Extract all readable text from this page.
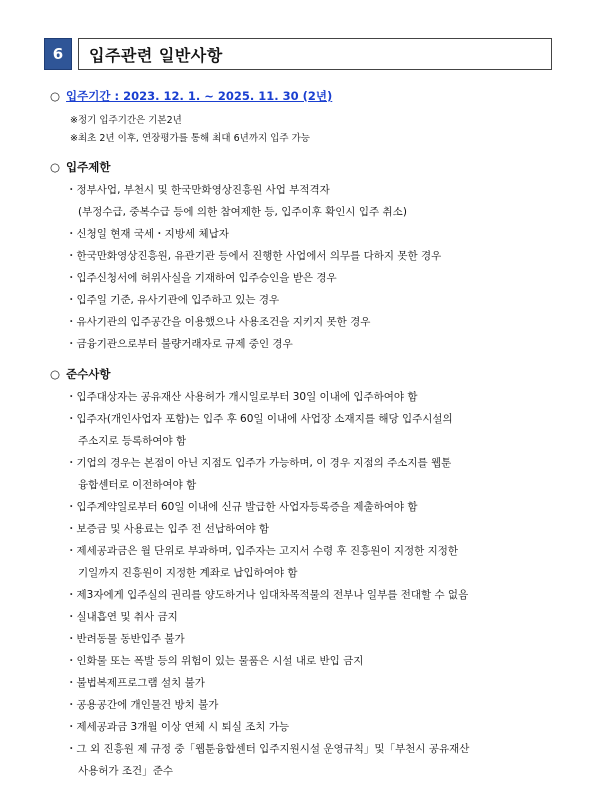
6	입주관련 일반사항
○ 입주기간 : 2023. 12. 1. ~ 2025. 11. 30 (2년)
※정기 입주기간은 기본2년
※최초 2년 이후, 연장평가를 통해 최대 6년까지 입주 가능
○ 입주제한
・정부사업, 부천시 및 한국만화영상진흥원 사업 부적격자
(부정수급, 중복수급 등에 의한 참여제한 등, 입주이후 확인시 입주 취소)
・신청일 현재 국세・지방세 체납자
・한국만화영상진흥원, 유관기관 등에서 진행한 사업에서 의무를 다하지 못한 경우
・입주신청서에 허위사실을 기재하여 입주승인을 받은 경우
・입주일 기준, 유사기관에 입주하고 있는 경우
・유사기관의 입주공간을 이용했으나 사용조건을 지키지 못한 경우
・금융기관으로부터 불량거래자로 규제 중인 경우
○ 준수사항
・입주대상자는 공유재산 사용허가 개시일로부터 30일 이내에 입주하여야 함
・입주자(개인사업자 포함)는 입주 후 60일 이내에 사업장 소재지를 해당 입주시설의
주소지로 등록하여야 함
・기업의 경우는 본점이 아닌 지점도 입주가 가능하며, 이 경우 지점의 주소지를 웹툰
융합센터로 이전하여야 함
・입주계약일로부터 60일 이내에 신규 발급한 사업자등록증을 제출하여야 함
・보증금 및 사용료는 입주 전 선납하여야 함
・제세공과금은 월 단위로 부과하며, 입주자는 고지서 수령 후 진흥원이 지정한 지정한
기일까지 진흥원이 지정한 계좌로 납입하여야 함
・제3자에게 입주실의 권리를 양도하거나 임대차목적물의 전부나 일부를 전대할 수 없음
・실내흡연 및 취사 금지
・반려동물 동반입주 불가
・인화물 또는 폭발 등의 위험이 있는 물품은 시설 내로 반입 금지
・불법복제프로그램 설치 불가
・공용공간에 개인물건 방치 불가
・제세공과금 3개월 이상 연체 시 퇴실 조치 가능
・그 외 진흥원 제 규정 중「웹툰융합센터 입주지원시설 운영규칙」및「부천시 공유재산
사용허가 조건」준수
